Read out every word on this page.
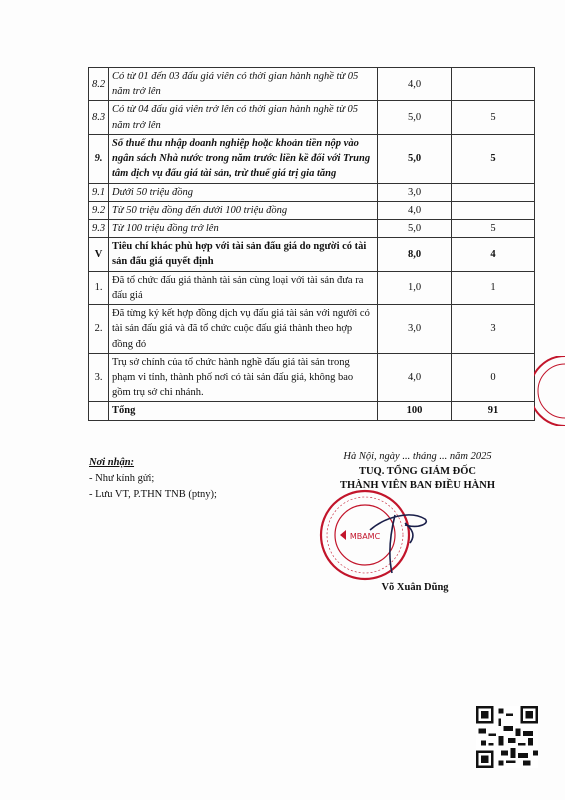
8.2	Có từ 01 đến 03 đấu giá viên có thời gian hành nghề từ 05 năm trở lên	4,0	
8.3	Có từ 04 đấu giá viên trở lên có thời gian hành nghề từ 05 năm trở lên	5,0	5
9.	Số thuế thu nhập doanh nghiệp hoặc khoản tiền nộp vào ngân sách Nhà nước trong năm trước liền kề đối với Trung tâm dịch vụ đấu giá tài sản, trừ thuế giá trị gia tăng	5,0	5
9.1	Dưới 50 triệu đồng	3,0	
9.2	Từ 50 triệu đồng đến dưới 100 triệu đồng	4,0	
9.3	Từ 100 triệu đồng trở lên	5,0	5
V	Tiêu chí khác phù hợp với tài sản đấu giá do người có tài sản đấu giá quyết định	8,0	4
1.	Đã tổ chức đấu giá thành tài sản cùng loại với tài sản đưa ra đấu giá	1,0	1
2.	Đã từng ký kết hợp đồng dịch vụ đấu giá tài sản với người có tài sản đấu giá và đã tổ chức cuộc đấu giá thành theo hợp đồng đó	3,0	3
3.	Trụ sở chính của tổ chức hành nghề đấu giá tài sản trong phạm vi tỉnh, thành phố nơi có tài sản đấu giá, không bao gồm trụ sở chi nhánh.	4,0	0
	Tổng	100	91
Nơi nhận:
- Như kính gửi;
- Lưu VT, P.THN TNB (ptny);
Hà Nội, ngày ... tháng ... năm 2025
TUQ. TỔNG GIÁM ĐỐC
THÀNH VIÊN BAN ĐIỀU HÀNH
MBAMC
Võ Xuân Dũng
